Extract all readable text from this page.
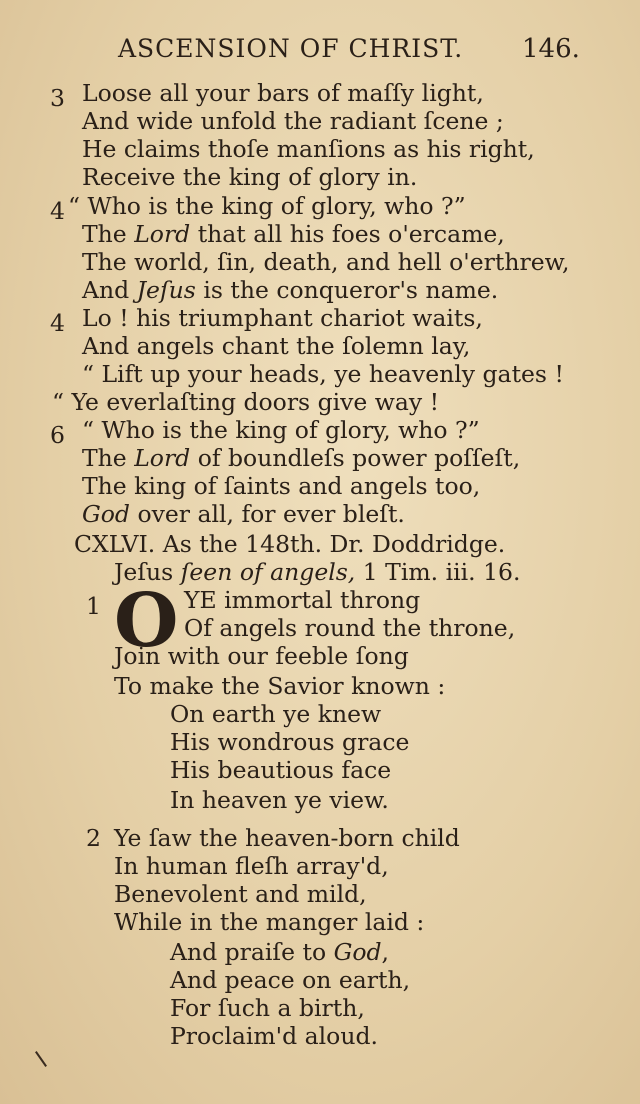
ASCENSION OF CHRIST. 146.
3 Loose all your bars of maſſy light,
And wide unfold the radiant ſcene ;
He claims thoſe manſions as his right,
Receive the king of glory in.
4 “ Who is the king of glory, who ?”
The Lord that all his foes o'ercame,
The world, ſin, death, and hell o'erthrew,
And Jeſus is the conqueror's name.
4 Lo ! his triumphant chariot waits,
And angels chant the ſolemn lay,
“ Lift up your heads, ye heavenly gates !
“ Ye everlaſting doors give way !
6 “ Who is the king of glory, who ?”
The Lord of boundleſs power poſſeſt,
The king of ſaints and angels too,
God over all, for ever bleſt.
CXLVI. As the 148th. Dr. Doddridge.
Jeſus ſeen of angels, 1 Tim. iii. 16.
1 O YE immortal throng
Of angels round the throne,
Join with our feeble ſong
To make the Savior known :
On earth ye knew
His wondrous grace
His beautious face
In heaven ye view.
2 Ye ſaw the heaven-born child
In human fleſh array'd,
Benevolent and mild,
While in the manger laid :
And praiſe to God,
And peace on earth,
For ſuch a birth,
Proclaim'd aloud.
